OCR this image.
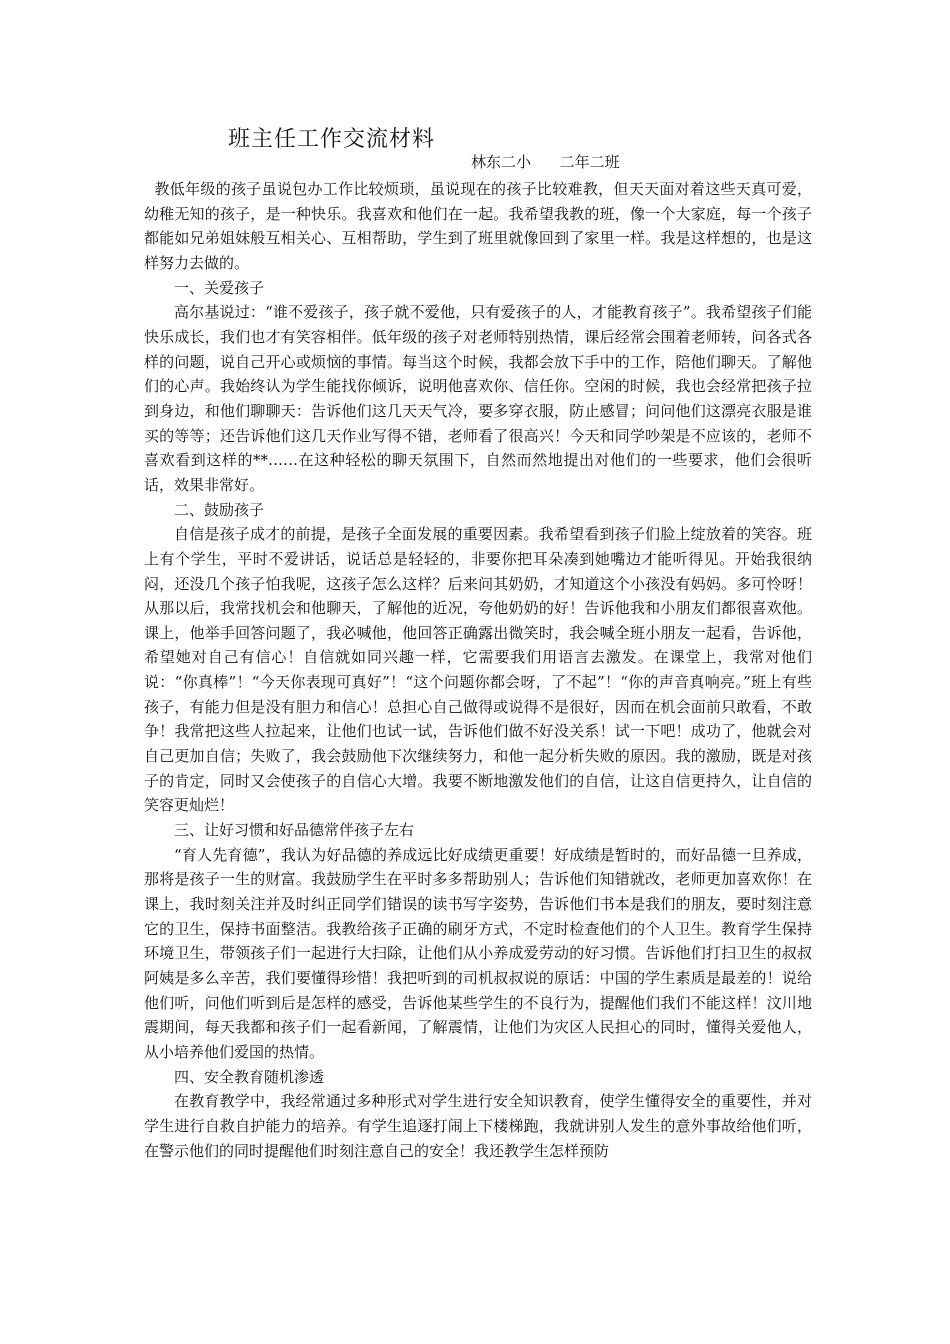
班主任工作交流材料
林东二小      二年二班

教低年级的孩子虽说包办工作比较烦琐，虽说现在的孩子比较难教，但天天面对着这些天真可爱，幼稚无知的孩子，是一种快乐。我喜欢和他们在一起。我希望我教的班，像一个大家庭，每一个孩子都能如兄弟姐妹般互相关心、互相帮助，学生到了班里就像回到了家里一样。我是这样想的，也是这样努力去做的。

一、关爱孩子

高尔基说过：“谁不爱孩子，孩子就不爱他，只有爱孩子的人，才能教育孩子”。我希望孩子们能快乐成长，我们也才有笑容相伴。低年级的孩子对老师特别热情，课后经常会围着老师转，问各式各样的问题，说自己开心或烦恼的事情。每当这个时候，我都会放下手中的工作，陪他们聊天。了解他们的心声。我始终认为学生能找你倾诉，说明他喜欢你、信任你。空闲的时候，我也会经常把孩子拉到身边，和他们聊聊天：告诉他们这几天天气冷，要多穿衣服，防止感冒；问问他们这漂亮衣服是谁买的等等；还告诉他们这几天作业写得不错，老师看了很高兴！今天和同学吵架是不应该的，老师不喜欢看到这样的**……在这种轻松的聊天氛围下，自然而然地提出对他们的一些要求，他们会很听话，效果非常好。

二、鼓励孩子

自信是孩子成才的前提，是孩子全面发展的重要因素。我希望看到孩子们脸上绽放着的笑容。班上有个学生，平时不爱讲话，说话总是轻轻的，非要你把耳朵凑到她嘴边才能听得见。开始我很纳闷，还没几个孩子怕我呢，这孩子怎么这样？后来问其奶奶，才知道这个小孩没有妈妈。多可怜呀！从那以后，我常找机会和他聊天，了解他的近况，夸他奶奶的好！告诉他我和小朋友们都很喜欢他。课上，他举手回答问题了，我必喊他，他回答正确露出微笑时，我会喊全班小朋友一起看，告诉他，希望她对自己有信心！自信就如同兴趣一样，它需要我们用语言去激发。在课堂上，我常对他们说：“你真棒”！“今天你表现可真好”！“这个问题你都会呀，了不起”！“你的声音真响亮。”班上有些孩子，有能力但是没有胆力和信心！总担心自己做得或说得不是很好，因而在机会面前只敢看，不敢争！我常把这些人拉起来，让他们也试一试，告诉他们做不好没关系！试一下吧！成功了，他就会对自己更加自信；失败了，我会鼓励他下次继续努力，和他一起分析失败的原因。我的激励，既是对孩子的肯定，同时又会使孩子的自信心大增。我要不断地激发他们的自信，让这自信更持久，让自信的笑容更灿烂！

三、让好习惯和好品德常伴孩子左右

“育人先育德”，我认为好品德的养成远比好成绩更重要！好成绩是暂时的，而好品德一旦养成，那将是孩子一生的财富。我鼓励学生在平时多多帮助别人；告诉他们知错就改，老师更加喜欢你！在课上，我时刻关注并及时纠正同学们错误的读书写字姿势，告诉他们书本是我们的朋友，要时刻注意它的卫生，保持书面整洁。我教给孩子正确的刷牙方式，不定时检查他们的个人卫生。教育学生保持环境卫生，带领孩子们一起进行大扫除，让他们从小养成爱劳动的好习惯。告诉他们打扫卫生的叔叔阿姨是多么辛苦，我们要懂得珍惜！我把听到的司机叔叔说的原话：中国的学生素质是最差的！说给他们听，问他们听到后是怎样的感受，告诉他某些学生的不良行为，提醒他们我们不能这样！汶川地震期间，每天我都和孩子们一起看新闻，了解震情，让他们为灾区人民担心的同时，懂得关爱他人，从小培养他们爱国的热情。

四、安全教育随机渗透

在教育教学中，我经常通过多种形式对学生进行安全知识教育，使学生懂得安全的重要性，并对学生进行自救自护能力的培养。有学生追逐打闹上下楼梯跑，我就讲别人发生的意外事故给他们听，在警示他们的同时提醒他们时刻注意自己的安全！我还教学生怎样预防
